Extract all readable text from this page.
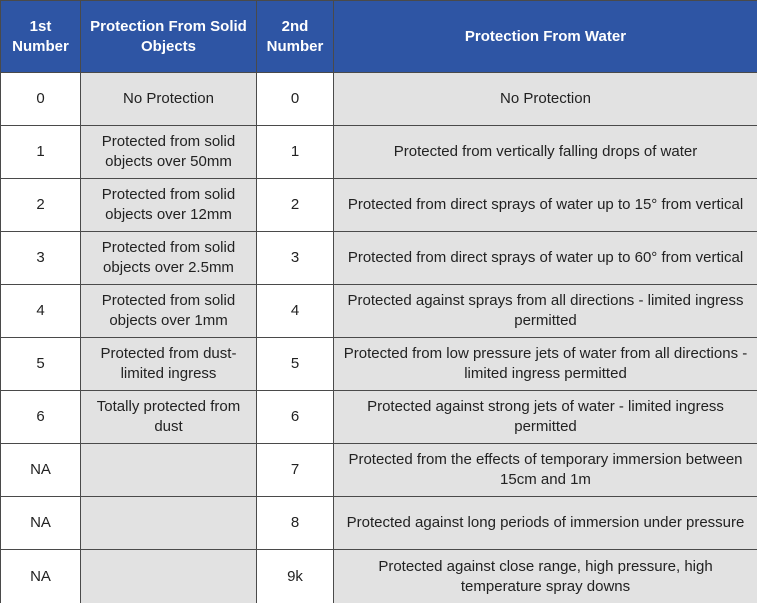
1st Number	Protection From Solid Objects	2nd Number	Protection From Water
0	No Protection	0	No Protection
1	Protected from solid objects over 50mm	1	Protected from vertically falling drops of water
2	Protected from solid objects over 12mm	2	Protected from direct sprays of water up to 15° from vertical
3	Protected from solid objects over 2.5mm	3	Protected from direct sprays of water up to 60° from vertical
4	Protected from solid objects over 1mm	4	Protected against sprays from all directions - limited ingress permitted
5	Protected from dust-limited ingress	5	Protected from low pressure jets of water from all directions - limited ingress permitted
6	Totally protected from dust	6	Protected against strong jets of water - limited ingress permitted
NA		7	Protected from the effects of temporary immersion between 15cm and 1m
NA		8	Protected against long periods of immersion under pressure
NA		9k	Protected against close range, high pressure, high temperature spray downs
